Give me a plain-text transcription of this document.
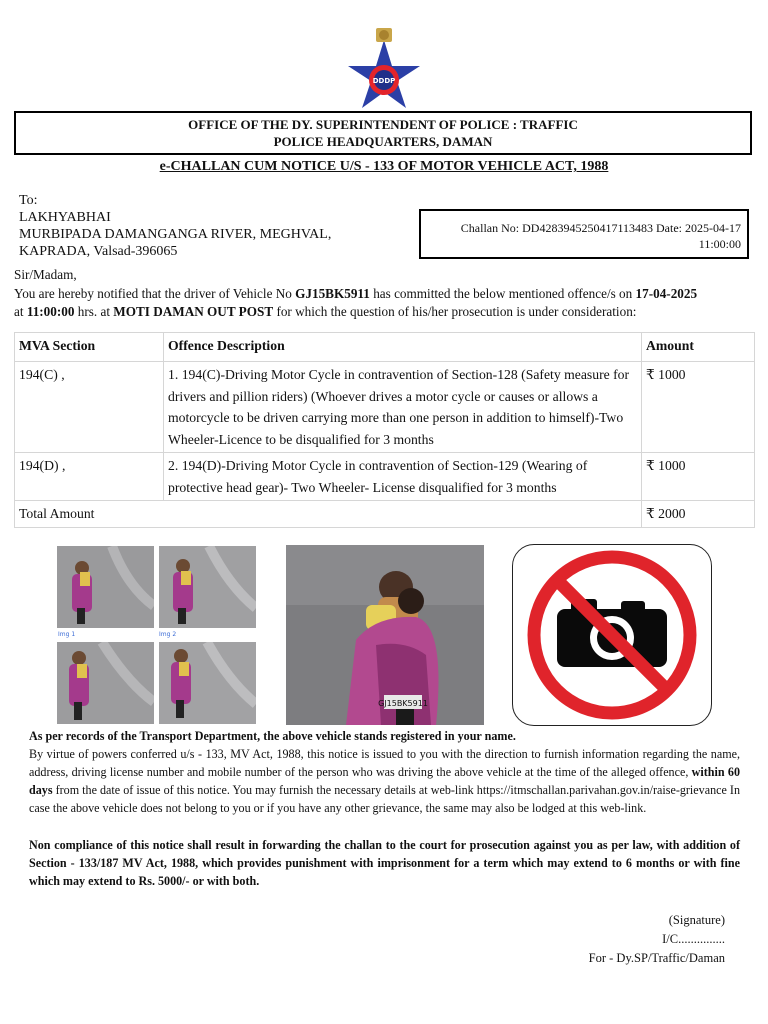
DDDP
OFFICE OF THE DY. SUPERINTENDENT OF POLICE : TRAFFIC
POLICE HEADQUARTERS, DAMAN
e-CHALLAN CUM NOTICE U/S - 133 OF MOTOR VEHICLE ACT, 1988
To:
LAKHYABHAI
MURBIPADA DAMANGANGA RIVER, MEGHVAL,
KAPRADA, Valsad-396065
Challan No: DD4283945250417113483 Date: 2025-04-17
11:00:00
Sir/Madam,
You are hereby notified that the driver of Vehicle No GJ15BK5911 has committed the below mentioned offence/s on 17-04-2025
at 11:00:00 hrs. at MOTI DAMAN OUT POST for which the question of his/her prosecution is under consideration:
MVA Section	Offence Description	Amount
194(C) ,	1. 194(C)-Driving Motor Cycle in contravention of Section-128 (Safety measure for drivers and pillion riders) (Whoever drives a motor cycle or causes or allows a motorcycle to be driven carrying more than one person in addition to himself)-Two Wheeler-Licence to be disqualified for 3 months	₹ 1000
194(D) ,	2. 194(D)-Driving Motor Cycle in contravention of Section-129 (Wearing of protective head gear)- Two Wheeler- License disqualified for 3 months	₹ 1000
Total Amount		₹ 2000
Img 1	Img 2
GJ15BK5911
As per records of the Transport Department, the above vehicle stands registered in your name.
By virtue of powers conferred u/s - 133, MV Act, 1988, this notice is issued to you with the direction to furnish information regarding the name, address, driving license number and mobile number of the person who was driving the above vehicle at the time of the alleged offence, within 60 days from the date of issue of this notice. You may furnish the necessary details at web-link https://itmschallan.parivahan.gov.in/raise-grievance In case the above vehicle does not belong to you or if you have any other grievance, the same may also be lodged at this web-link.
Non compliance of this notice shall result in forwarding the challan to the court for prosecution against you as per law, with addition of Section - 133/187 MV Act, 1988, which provides punishment with imprisonment for a term which may extend to 6 months or with fine which may extend to Rs. 5000/- or with both.
(Signature)
I/C...............
For - Dy.SP/Traffic/Daman
